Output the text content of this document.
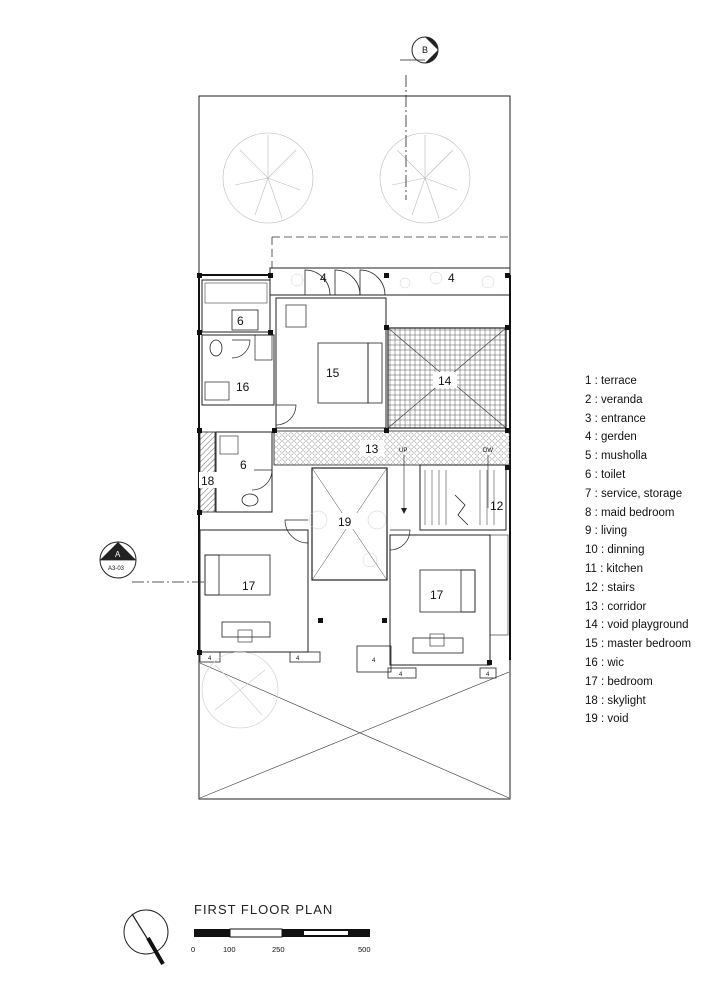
B
6
16
15
14
13	UP	DW
6
18
19
12
17
A
A3-03
17
4	4	4
4	4
4	4
0	100	250	500
FIRST FLOOR PLAN
1 : terrace
2 : veranda
3 : entrance
4 : gerden
5 : musholla
6 : toilet
7 : service, storage
8 : maid bedroom
9 : living
10 : dinning
11 : kitchen
12 : stairs
13 : corridor
14 : void playground
15 : master bedroom
16 : wic
17 : bedroom
18 : skylight
19 : void
